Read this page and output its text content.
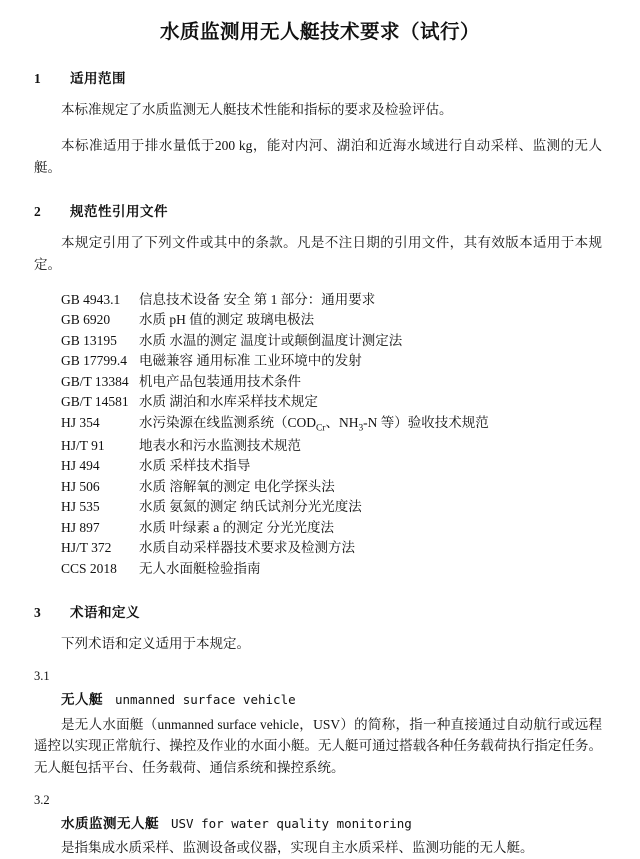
水质监测用无人艇技术要求（试行）
1	适用范围

本标准规定了水质监测无人艇技术性能和指标的要求及检验评估。

本标准适用于排水量低于200 kg，能对内河、湖泊和近海水域进行自动采样、监测的无人艇。

2	规范性引用文件

本规定引用了下列文件或其中的条款。凡是不注日期的引用文件，其有效版本适用于本规定。

GB 4943.1 信息技术设备 安全 第 1 部分：通用要求
GB 6920 水质 pH 值的测定 玻璃电极法
GB 13195 水质 水温的测定 温度计或颠倒温度计测定法
GB 17799.4 电磁兼容 通用标准 工业环境中的发射
GB/T 13384 机电产品包装通用技术条件
GB/T 14581 水质 湖泊和水库采样技术规定
HJ 354	水污染源在线监测系统（$COD_{Cr}$、$NH_3-N$ 等）验收技术规范
HJ/T 91	地表水和污水监测技术规范
HJ 494	水质 采样技术指导
HJ 506	水质 溶解氧的测定 电化学探头法
HJ 535	水质 氨氮的测定 纳氏试剂分光光度法
HJ 897	水质 叶绿素 a 的测定 分光光度法
HJ/T 372 水质自动采样器技术要求及检测方法
CCS 2018 无人水面艇检验指南
3	术语和定义

下列术语和定义适用于本规定。

3.1
无人艇 unmanned surface vehicle

是无人水面艇（unmanned surface vehicle，USV）的简称，指一种直接通过自动航行或远程遥控以实现正常航行、操控及作业的水面小艇。无人艇可通过搭载各种任务载荷执行指定任务。无人艇包括平台、任务载荷、通信系统和操控系统。

3.2
水质监测无人艇 USV for water quality monitoring

是指集成水质采样、监测设备或仪器，实现自主水质采样、监测功能的无人艇。
